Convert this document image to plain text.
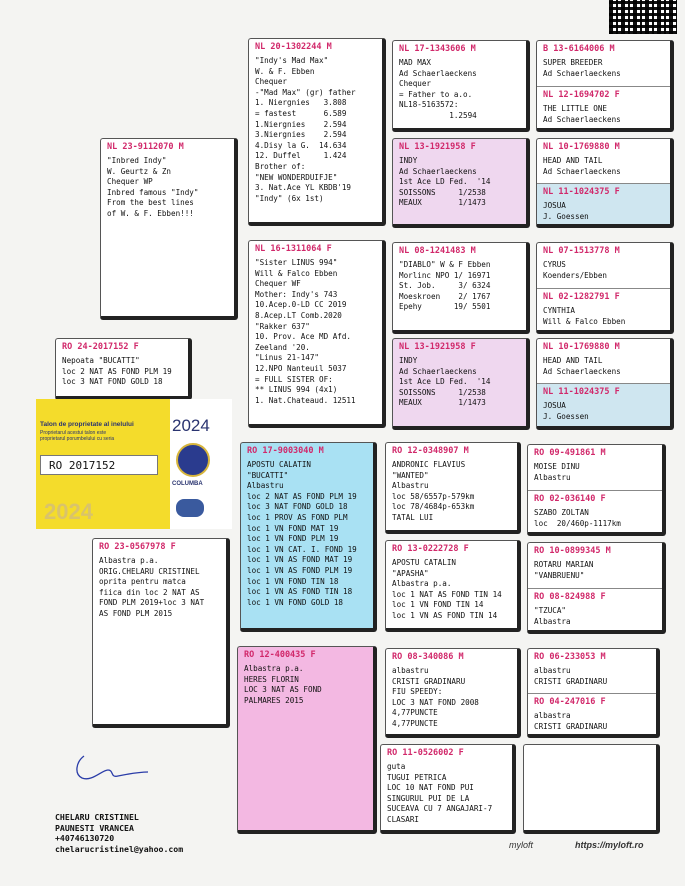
NL 20-1302244 M
"Indy's Mad Max"
W. & F. Ebben
Chequer
-"Mad Max" (gr) father
1. Niergnies   3.808
= fastest      6.589
1.Niergnies    2.594
3.Niergnies    2.594
4.Disy la G.  14.634
12. Duffel     1.424
Brother of:
"NEW WONDERDUIFJE"
3. Nat.Ace YL KBDB'19
"Indy" (6x 1st)
NL 17-1343606 M
MAD MAX
Ad Schaerlaeckens
Chequer
= Father to a.o.
NL18-5163572:
1.2594
B 13-6164006 M
SUPER BREEDER
Ad Schaerlaeckens
NL 12-1694702 F
THE LITTLE ONE
Ad Schaerlaeckens
NL 23-9112070 M
"Inbred Indy"
W. Geurtz & Zn
Chequer WP
Inbred famous "Indy"
From the best lines
of W. & F. Ebben!!!
NL 13-1921958 F
INDY
Ad Schaerlaeckens
1st Ace LD Fed.  '14
SOISSONS     1/2538
MEAUX        1/1473
NL 10-1769880 M
HEAD AND TAIL
Ad Schaerlaeckens
NL 11-1024375 F
JOSUA
J. Goessen
NL 16-1311064 F
"Sister LINUS 994"
Will & Falco Ebben
Chequer WF
Mother: Indy's 743
10.Acep.0-LD CC 2019
8.Acep.LT Comb.2020
"Rakker 637"
10. Prov. Ace MD Afd.
Zeeland '20.
"Linus 21-147"
12.NPO Nanteuil 5037
= FULL SISTER OF:
** LINUS 994 (4x1)
1. Nat.Chateaud. 12511
NL 08-1241483 M
"DIABLO" W & F Ebben
Morlinc NPO 1/ 16971
St. Job.     3/ 6324
Moeskroen    2/ 1767
Epehy       19/ 5501
NL 07-1513778 M
CYRUS
Koenders/Ebben
NL 02-1282791 F
CYNTHIA
Will & Falco Ebben
RO 24-2017152 F
Nepoata "BUCATTI"
loc 2 NAT AS FOND PLM 19
loc 3 NAT FOND GOLD 18
NL 13-1921958 F
INDY
Ad Schaerlaeckens
1st Ace LD Fed.  '14
SOISSONS     1/2538
MEAUX        1/1473
NL 10-1769880 M
HEAD AND TAIL
Ad Schaerlaeckens
NL 11-1024375 F
JOSUA
J. Goessen
Talon de proprietate al inelului
Proprietarul acestui talon este proprietarul porumbelului cu seria
RO 2017152
2024
2024
COLUMBA
RO 17-9003040 M
APOSTU CALATIN
"BUCATTI"
Albastru
loc 2 NAT AS FOND PLM 19
loc 3 NAT FOND GOLD 18
loc 1 PROV AS FOND PLM
loc 1 VN FOND MAT 19
loc 1 VN FOND PLM 19
loc 1 VN CAT. I. FOND 19
loc 1 VN AS FOND MAT 19
loc 1 VN AS FOND PLM 19
loc 1 VN FOND TIN 18
loc 1 VN AS FOND TIN 18
loc 1 VN FOND GOLD 18
RO 12-0348907 M
ANDRONIC FLAVIUS
"WANTED"
Albastru
loc 58/6557p-579km
loc 78/4684p-653km
TATAL LUI
RO 09-491861 M
MOISE DINU
Albastru
RO 02-036140 F
SZABO ZOLTAN
loc  20/460p-1117km
RO 23-0567978 F
Albastra p.a.
ORIG.CHELARU CRISTINEL
oprita pentru matca
fiica din loc 2 NAT AS
FOND PLM 2019+loc 3 NAT
AS FOND PLM 2015
RO 13-0222728 F
APOSTU CATALIN
"APASHA"
Albastra p.a.
loc 1 NAT AS FOND TIN 14
loc 1 VN FOND TIN 14
loc 1 VN AS FOND TIN 14
RO 10-0899345 M
ROTARU MARIAN
"VANBRUENU"
RO 08-824988 F
"TZUCA"
Albastra
RO 12-400435 F
Albastra p.a.
HERES FLORIN
LOC 3 NAT AS FOND
PALMARES 2015
RO 08-340086 M
albastru
CRISTI GRADINARU
FIU SPEEDY:
LOC 3 NAT FOND 2008
4,77PUNCTE
4,77PUNCTE
RO 06-233053 M
albastru
CRISTI GRADINARU
RO 04-247016 F
albastra
CRISTI GRADINARU
RO 11-0526002 F
guta
TUGUI PETRICA
LOC 10 NAT FOND PUI
SINGURUL PUI DE LA
SUCEAVA CU 7 ANGAJARI-7
CLASARI
CHELARU CRISTINEL
PAUNESTI VRANCEA
+40746130720
chelarucristinel@yahoo.com	myloft	https://myloft.ro
